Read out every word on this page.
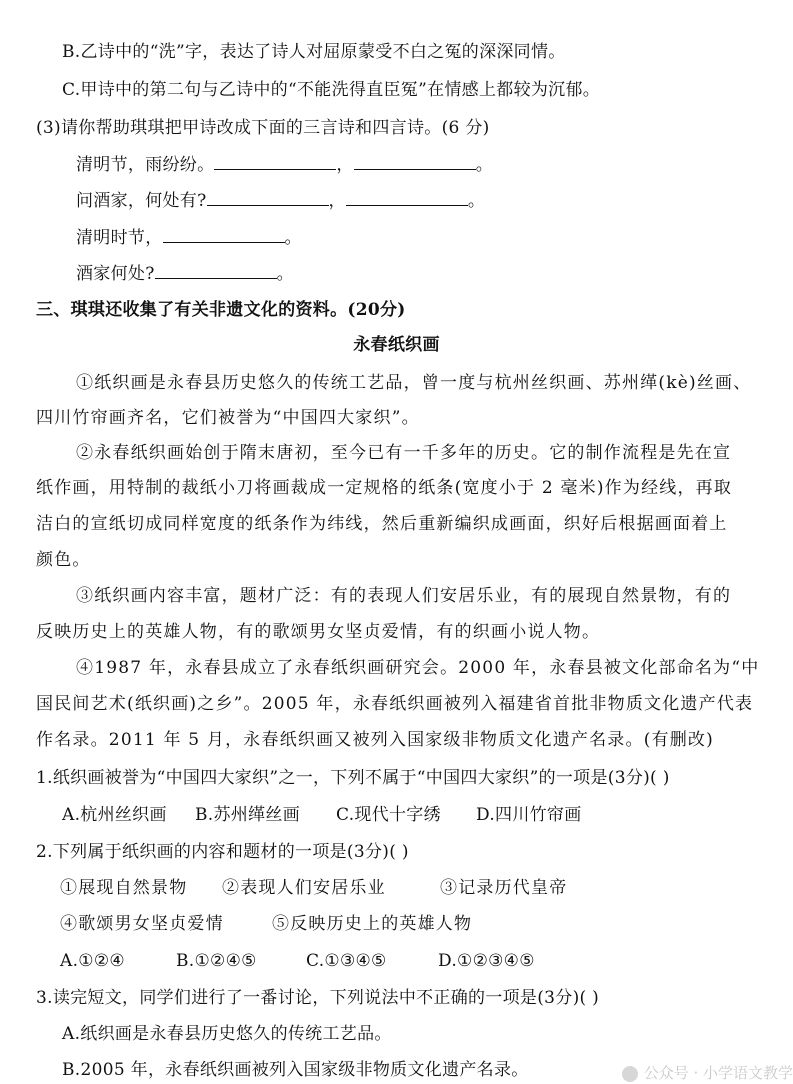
B.乙诗中的“洗”字，表达了诗人对屈原蒙受不白之冤的深深同情。
C.甲诗中的第二句与乙诗中的“不能洗得直臣冤”在情感上都较为沉郁。
(3)请你帮助琪琪把甲诗改成下面的三言诗和四言诗。(6 分)
清明节，雨纷纷。	，	。
问酒家，何处有?	，	。
清明时节，	。
酒家何处?	。
三、琪琪还收集了有关非遗文化的资料。(20分)
永春纸织画
①纸织画是永春县历史悠久的传统工艺品，曾一度与杭州丝织画、苏州缂(kè)丝画、
四川竹帘画齐名，它们被誉为“中国四大家织”。
②永春纸织画始创于隋末唐初，至今已有一千多年的历史。它的制作流程是先在宣
纸作画，用特制的裁纸小刀将画裁成一定规格的纸条(宽度小于 2 毫米)作为经线，再取
洁白的宣纸切成同样宽度的纸条作为纬线，然后重新编织成画面，织好后根据画面着上
颜色。
③纸织画内容丰富，题材广泛：有的表现人们安居乐业，有的展现自然景物，有的
反映历史上的英雄人物，有的歌颂男女坚贞爱情，有的织画小说人物。
④1987 年，永春县成立了永春纸织画研究会。2000 年，永春县被文化部命名为“中
国民间艺术(纸织画)之乡”。2005 年，永春纸织画被列入福建省首批非物质文化遗产代表
作名录。2011 年 5 月，永春纸织画又被列入国家级非物质文化遗产名录。(有删改)
1.纸织画被誉为“中国四大家织”之一，下列不属于“中国四大家织”的一项是(3分)( )
A.杭州丝织画 B.苏州缂丝画 C.现代十字绣 D.四川竹帘画
2.下列属于纸织画的内容和题材的一项是(3分)( )
①展现自然景物 ②表现人们安居乐业	③记录历代皇帝
④歌颂男女坚贞爱情	⑤反映历史上的英雄人物
A.①②④	B.①②④⑤	C.①③④⑤	D.①②③④⑤
3.读完短文，同学们进行了一番讨论，下列说法中不正确的一项是(3分)( )
A.纸织画是永春县历史悠久的传统工艺品。
B.2005 年，永春纸织画被列入国家级非物质文化遗产名录。	公众号 · 小学语文教学
